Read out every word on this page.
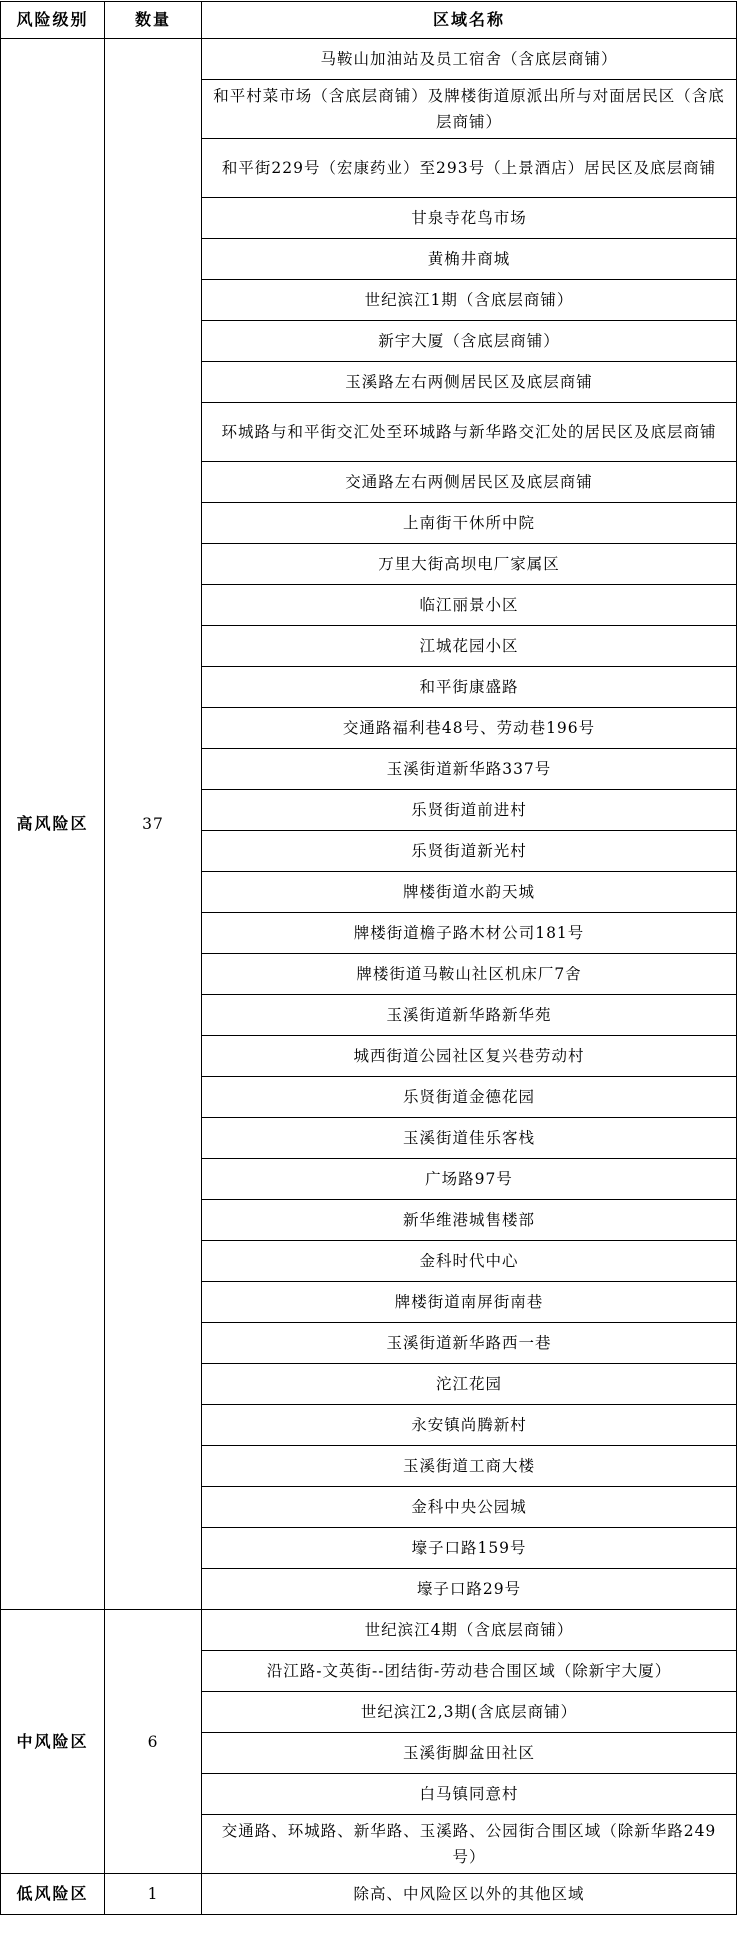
风险级别	数量	区域名称
高风险区	37	马鞍山加油站及员工宿舍（含底层商铺）
		和平村菜市场（含底层商铺）及牌楼街道原派出所与对面居民区（含底层商铺）
		和平街229号（宏康药业）至293号（上景酒店）居民区及底层商铺
		甘泉寺花鸟市场
		黄桷井商城
		世纪滨江1期（含底层商铺）
		新宇大厦（含底层商铺）
		玉溪路左右两侧居民区及底层商铺
		环城路与和平街交汇处至环城路与新华路交汇处的居民区及底层商铺
		交通路左右两侧居民区及底层商铺
		上南街干休所中院
		万里大街高坝电厂家属区
		临江丽景小区
		江城花园小区
		和平街康盛路
		交通路福利巷48号、劳动巷196号
		玉溪街道新华路337号
		乐贤街道前进村
		乐贤街道新光村
		牌楼街道水韵天城
		牌楼街道檐子路木材公司181号
		牌楼街道马鞍山社区机床厂7舍
		玉溪街道新华路新华苑
		城西街道公园社区复兴巷劳动村
		乐贤街道金德花园
		玉溪街道佳乐客栈
		广场路97号
		新华维港城售楼部
		金科时代中心
		牌楼街道南屏街南巷
		玉溪街道新华路西一巷
		沱江花园
		永安镇尚腾新村
		玉溪街道工商大楼
		金科中央公园城
		壕子口路159号
		壕子口路29号
中风险区	6	世纪滨江4期（含底层商铺）
		沿江路-文英街--团结街-劳动巷合围区域（除新宇大厦）
		世纪滨江2,3期(含底层商铺）
		玉溪街脚盆田社区
		白马镇同意村
		交通路、环城路、新华路、玉溪路、公园街合围区域（除新华路249号）
低风险区	1	除高、中风险区以外的其他区域
